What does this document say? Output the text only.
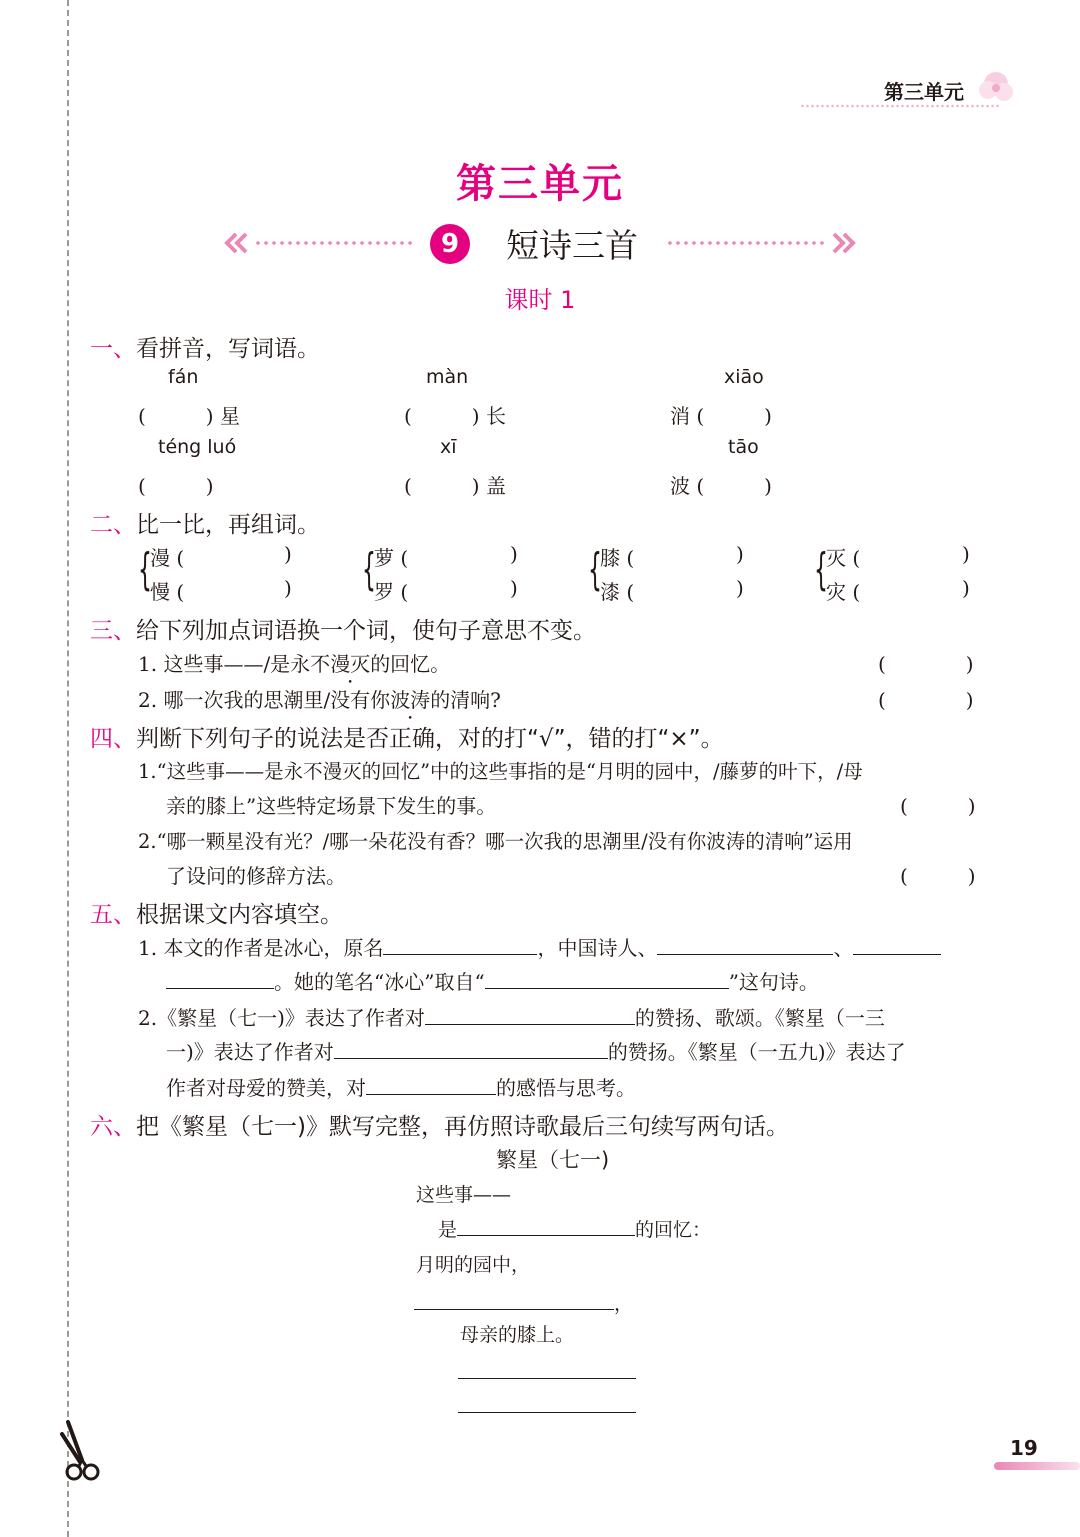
第三单元
第三单元
9	短诗三首
课时 1
一、看拼音，写词语。
fán	màn	xiāo
(　　　) 星	(　　　) 长	消 (　　　)
téng luó	xī	tāo
(　　　)	(　　　) 盖	波 (　　　)
二、比一比，再组词。
{
漫 (	)
慢 (	) {
萝 (	)
罗 (	) {
膝 (	)
漆 (	) {
灭 (	)
灾 (	)
三、给下列加点词语换一个词，使句子意思不变。
1. 这些事——/是永不漫灭的回忆。	(　　　　)
2. 哪一次我的思潮里/没有你波涛的清响?	(　　　　)
四、判断下列句子的说法是否正确，对的打“√”，错的打“×”。
1.“这些事——是永不漫灭的回忆”中的这些事指的是“月明的园中，/藤萝的叶下，/母
亲的膝上”这些特定场景下发生的事。	(　　　)
2.“哪一颗星没有光？/哪一朵花没有香？哪一次我的思潮里/没有你波涛的清响”运用
了设问的修辞方法。	(　　　)
五、根据课文内容填空。
1. 本文的作者是冰心，原名	，中国诗人、	、
。她的笔名“冰心”取自“	”这句诗。
2.《繁星（七一)》表达了作者对	的赞扬、歌颂。《繁星（一三
一)》表达了作者对	的赞扬。《繁星（一五九)》表达了
作者对母爱的赞美，对	的感悟与思考。
六、把《繁星（七一)》默写完整，再仿照诗歌最后三句续写两句话。
繁星（七一)
这些事——
是	的回忆：
月明的园中，
，
母亲的膝上。
19
